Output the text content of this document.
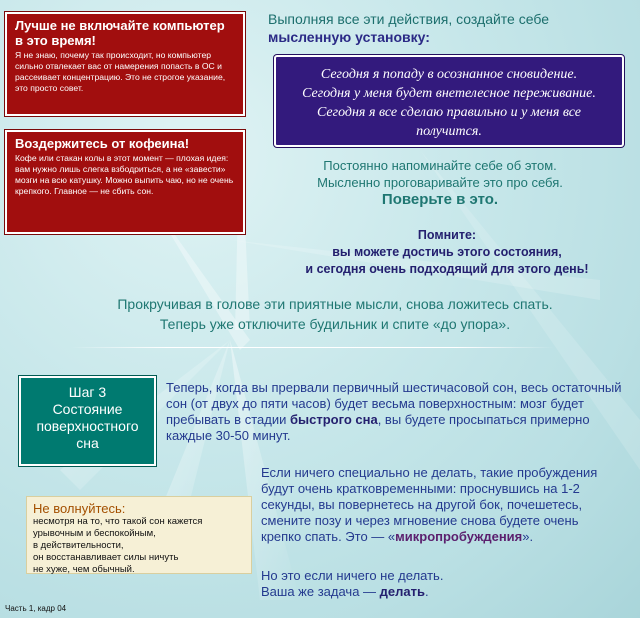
Лучше не включайте компьютер в это время!
Я не знаю, почему так происходит, но компьютер сильно отвлекает вас от намерения попасть в ОС и рассеивает концентрацию. Это не строгое указание, это просто совет.
Воздержитесь от кофеина!
Кофе или стакан колы в этот момент — плохая идея: вам нужно лишь слегка взбодриться, а не «завести» мозги на всю катушку. Можно выпить чаю, но не очень крепкого. Главное — не сбить сон.
Выполняя все эти действия, создайте себе
мысленную установку:
Сегодня я попаду в осознанное сновидение.
Сегодня у меня будет внетелесное переживание.
Сегодня я все сделаю правильно и у меня все
получится.
Постоянно напоминайте себе об этом.
Мысленно проговаривайте это про себя.
Поверьте в это.
Помните:
вы можете достичь этого состояния,
и сегодня очень подходящий для этого день!
Прокручивая в голове эти приятные мысли, снова ложитесь спать.
Теперь уже отключите будильник и спите «до упора».
Шаг 3
Состояние
поверхностного
сна
Теперь, когда вы прервали первичный шестичасовой сон, весь остаточный сон (от двух до пяти часов) будет весьма поверхностным: мозг будет пребывать в стадии быстрого сна, вы будете просыпаться примерно каждые 30-50 минут.
Если ничего специально не делать, такие пробуждения будут очень кратковременными: проснувшись на 1-2 секунды, вы повернетесь на другой бок, почешетесь, смените позу и через мгновение снова будете очень крепко спать. Это — «микропробуждения».
Но это если ничего не делать.
Ваша же задача — делать.
Не волнуйтесь:
несмотря на то, что такой сон кажется
урывочным и беспокойным,
в действительности,
он восстанавливает силы ничуть
не хуже, чем обычный.
Часть 1, кадр 04
